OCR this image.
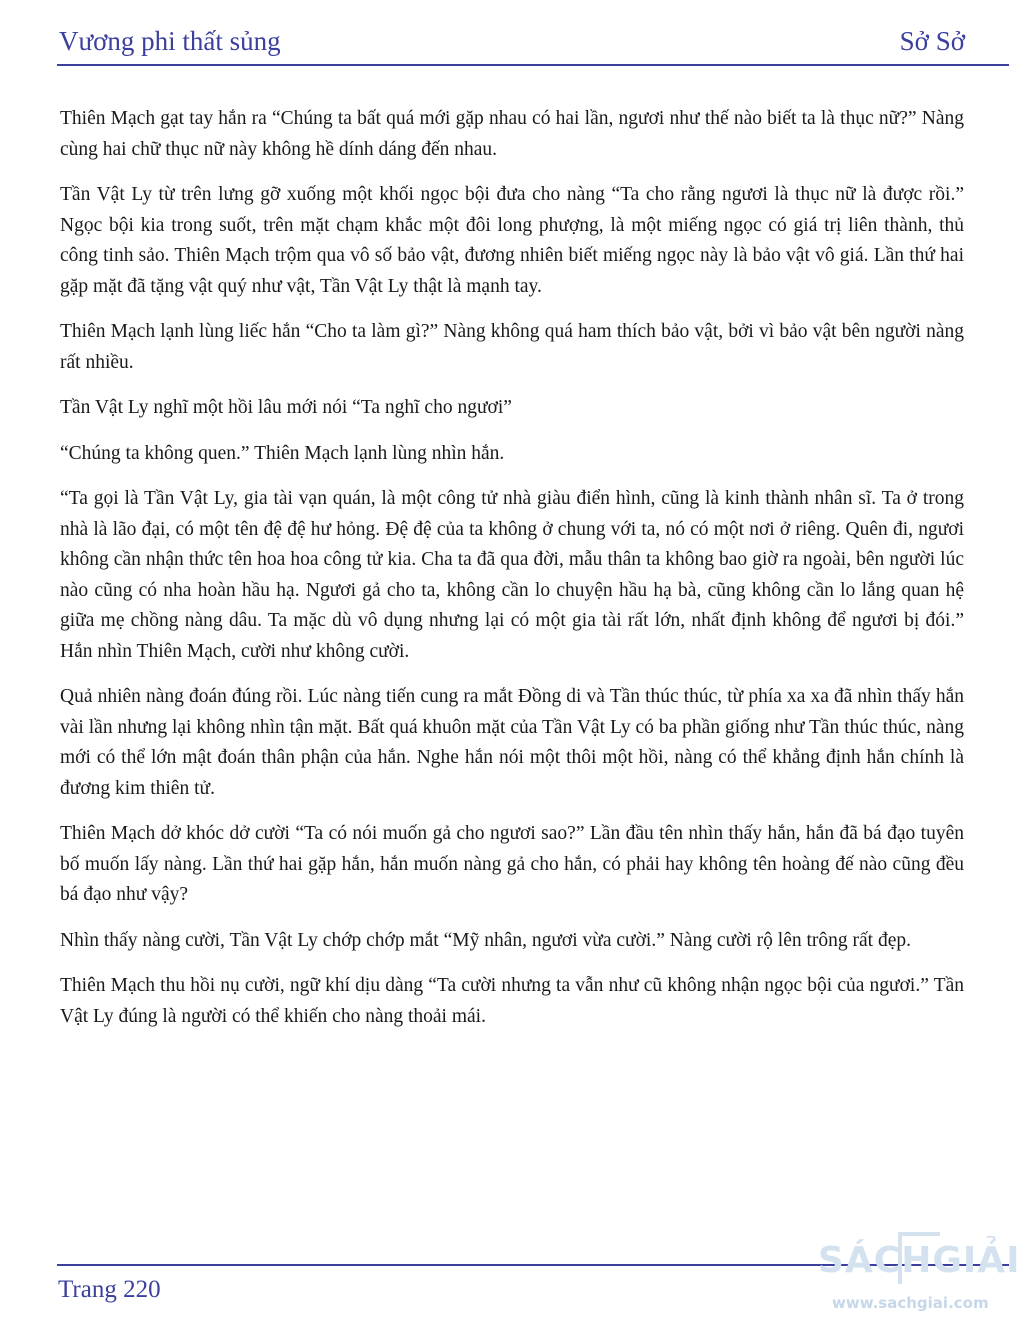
Vương phi thất sủng	Sở Sở

Thiên Mạch gạt tay hắn ra “Chúng ta bất quá mới gặp nhau có hai lần, ngươi như thế nào biết ta là thục nữ?” Nàng cùng hai chữ thục nữ này không hề dính dáng đến nhau.

Tần Vật Ly từ trên lưng gỡ xuống một khối ngọc bội đưa cho nàng “Ta cho rằng ngươi là thục nữ là được rồi.” Ngọc bội kia trong suốt, trên mặt chạm khắc một đôi long phượng, là một miếng ngọc có giá trị liên thành, thủ công tinh sảo. Thiên Mạch trộm qua vô số bảo vật, đương nhiên biết miếng ngọc này là bảo vật vô giá. Lần thứ hai gặp mặt đã tặng vật quý như vật, Tần Vật Ly thật là mạnh tay.

Thiên Mạch lạnh lùng liếc hắn “Cho ta làm gì?” Nàng không quá ham thích bảo vật, bởi vì bảo vật bên người nàng rất nhiều.

Tần Vật Ly nghĩ một hồi lâu mới nói “Ta nghĩ cho ngươi”

“Chúng ta không quen.” Thiên Mạch lạnh lùng nhìn hắn.

“Ta gọi là Tần Vật Ly, gia tài vạn quán, là một công tử nhà giàu điển hình, cũng là kinh thành nhân sĩ. Ta ở trong nhà là lão đại, có một tên đệ đệ hư hỏng. Đệ đệ của ta không ở chung với ta, nó có một nơi ở riêng. Quên đi, ngươi không cần nhận thức tên hoa hoa công tử kia. Cha ta đã qua đời, mẫu thân ta không bao giờ ra ngoài, bên người lúc nào cũng có nha hoàn hầu hạ. Ngươi gả cho ta, không cần lo chuyện hầu hạ bà, cũng không cần lo lắng quan hệ giữa mẹ chồng nàng dâu. Ta mặc dù vô dụng nhưng lại có một gia tài rất lớn, nhất định không để ngươi bị đói.” Hắn nhìn Thiên Mạch, cười như không cười.

Quả nhiên nàng đoán đúng rồi. Lúc nàng tiến cung ra mắt Đồng di và Tần thúc thúc, từ phía xa xa đã nhìn thấy hắn vài lần nhưng lại không nhìn tận mặt. Bất quá khuôn mặt của Tần Vật Ly có ba phần giống như Tần thúc thúc, nàng mới có thể lớn mật đoán thân phận của hắn. Nghe hắn nói một thôi một hồi, nàng có thể khẳng định hắn chính là đương kim thiên tử.

Thiên Mạch dở khóc dở cười “Ta có nói muốn gả cho ngươi sao?” Lần đầu tên nhìn thấy hắn, hắn đã bá đạo tuyên bố muốn lấy nàng. Lần thứ hai gặp hắn, hắn muốn nàng gả cho hắn, có phải hay không tên hoàng đế nào cũng đều bá đạo như vậy?

Nhìn thấy nàng cười, Tần Vật Ly chớp chớp mắt “Mỹ nhân, ngươi vừa cười.” Nàng cười rộ lên trông rất đẹp.

Thiên Mạch thu hồi nụ cười, ngữ khí dịu dàng “Ta cười nhưng ta vẫn như cũ không nhận ngọc bội của ngươi.” Tần Vật Ly đúng là người có thể khiến cho nàng thoải mái.

Trang 220
SÁCHGIẢI
www.sachgiai.com
